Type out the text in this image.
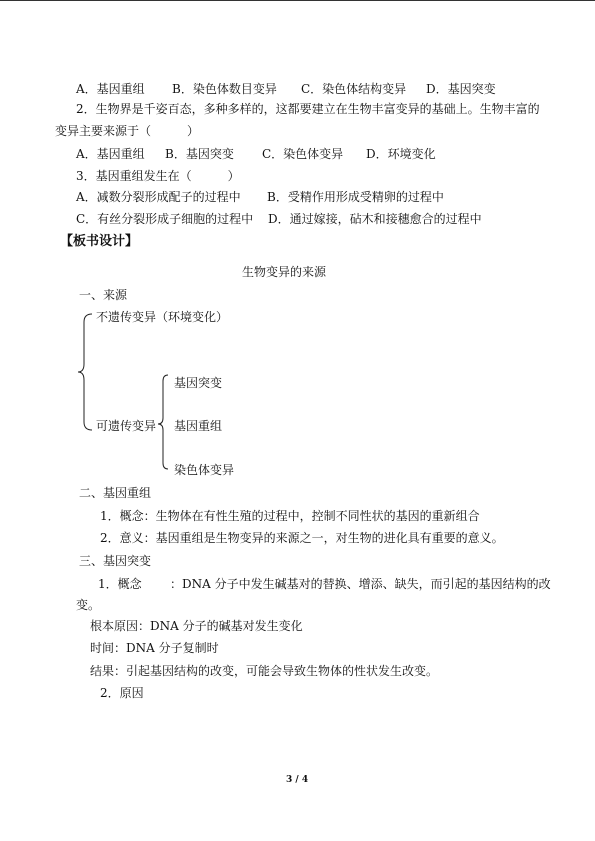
A．基因重组 B．染色体数目变异 C．染色体结构变异 D．基因突变
2．生物界是千姿百态，多种多样的，这都要建立在生物丰富变异的基础上。生物丰富的
变异主要来源于（　　　）
A．基因重组 B．基因突变 C．染色体变异 D．环境变化
3．基因重组发生在（　　　）
A．减数分裂形成配子的过程中 B．受精作用形成受精卵的过程中
C．有丝分裂形成子细胞的过程中 D．通过嫁接，砧木和接穗愈合的过程中
【板书设计】
生物变异的来源
一、来源
不遗传变异（环境变化）
可遗传变异
基因突变
基因重组
染色体变异
二、基因重组
1．概念：生物体在有性生殖的过程中，控制不同性状的基因的重新组合
2．意义：基因重组是生物变异的来源之一，对生物的进化具有重要的意义。
三、基因突变
1．概念 ：DNA 分子中发生碱基对的替换、增添、缺失，而引起的基因结构的改
变。
根本原因：DNA 分子的碱基对发生变化
时间：DNA 分子复制时
结果：引起基因结构的改变，可能会导致生物体的性状发生改变。
2．原因
3 / 4
